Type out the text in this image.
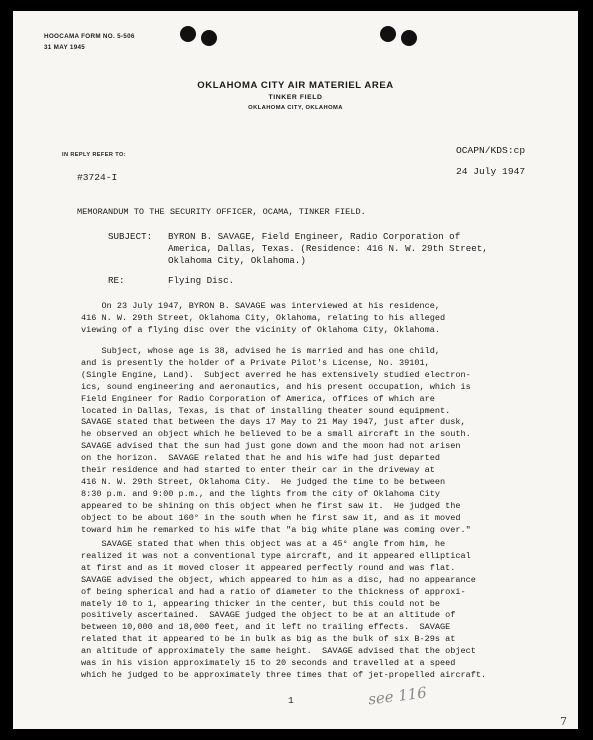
HOOCAMA FORM NO. 5-506
31 MAY 1945
OKLAHOMA CITY AIR MATERIEL AREA
TINKER FIELD
OKLAHOMA CITY, OKLAHOMA
IN REPLY REFER TO:	OCAPN/KDS:cp
24 July 1947
#3724-I
MEMORANDUM TO THE SECURITY OFFICER, OCAMA, TINKER FIELD.
SUBJECT: BYRON B. SAVAGE, Field Engineer, Radio Corporation of
America, Dallas, Texas. (Residence: 416 N. W. 29th Street,
Oklahoma City, Oklahoma.)
RE:	Flying Disc.
On 23 July 1947, BYRON B. SAVAGE was interviewed at his residence,
416 N. W. 29th Street, Oklahoma City, Oklahoma, relating to his alleged
viewing of a flying disc over the vicinity of Oklahoma City, Oklahoma.
Subject, whose age is 38, advised he is married and has one child,
and is presently the holder of a Private Pilot's License, No. 39101,
(Single Engine, Land).  Subject averred he has extensively studied electron-
ics, sound engineering and aeronautics, and his present occupation, which is
Field Engineer for Radio Corporation of America, offices of which are
located in Dallas, Texas, is that of installing theater sound equipment.
SAVAGE stated that between the days 17 May to 21 May 1947, just after dusk,
he observed an object which he believed to be a small aircraft in the south.
SAVAGE advised that the sun had just gone down and the moon had not arisen
on the horizon.  SAVAGE related that he and his wife had just departed
their residence and had started to enter their car in the driveway at
416 N. W. 29th Street, Oklahoma City.  He judged the time to be between
8:30 p.m. and 9:00 p.m., and the lights from the city of Oklahoma City
appeared to be shining on this object when he first saw it.  He judged the
object to be about 160° in the south when he first saw it, and as it moved
toward him he remarked to his wife that "a big white plane was coming over."
SAVAGE stated that when this object was at a 45° angle from him, he
realized it was not a conventional type aircraft, and it appeared elliptical
at first and as it moved closer it appeared perfectly round and was flat.
SAVAGE advised the object, which appeared to him as a disc, had no appearance
of being spherical and had a ratio of diameter to the thickness of approxi-
mately 10 to 1, appearing thicker in the center, but this could not be
positively ascertained.  SAVAGE judged the object to be at an altitude of
between 10,000 and 18,000 feet, and it left no trailing effects.  SAVAGE
related that it appeared to be in bulk as big as the bulk of six B-29s at
an altitude of approximately the same height.  SAVAGE advised that the object
was in his vision approximately 15 to 20 seconds and travelled at a speed
which he judged to be approximately three times that of jet-propelled aircraft.
1	see 116
7
